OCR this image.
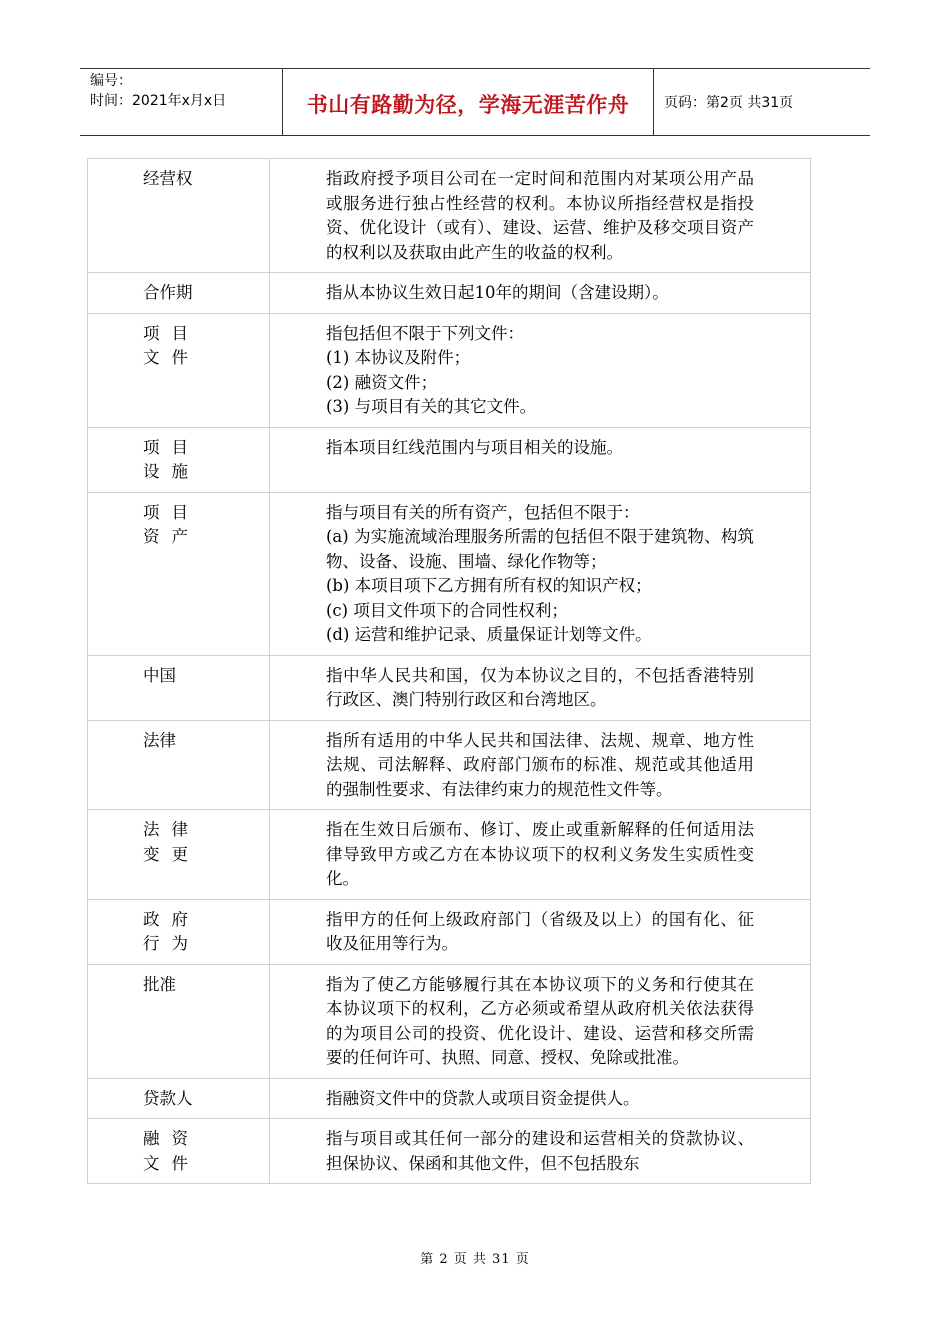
编号：
时间：2021年x月x日	书山有路勤为径，学海无涯苦作舟	页码：第2页 共31页
经营权	指政府授予项目公司在一定时间和范围内对某项公用产品或服务进行独占性经营的权利。本协议所指经营权是指投资、优化设计（或有）、建设、运营、维护及移交项目资产的权利以及获取由此产生的收益的权利。

合作期	指从本协议生效日起10年的期间（含建设期）。

项目文件	指包括但不限于下列文件：

(1) 本协议及附件；

(2) 融资文件；

(3) 与项目有关的其它文件。

项目设施	指本项目红线范围内与项目相关的设施。

项目资产	指与项目有关的所有资产，包括但不限于：

(a) 为实施流域治理服务所需的包括但不限于建筑物、构筑物、设备、设施、围墙、绿化作物等；

(b) 本项目项下乙方拥有所有权的知识产权；

(c) 项目文件项下的合同性权利；

(d) 运营和维护记录、质量保证计划等文件。

中国	指中华人民共和国，仅为本协议之目的，不包括香港特别行政区、澳门特别行政区和台湾地区。

法律	指所有适用的中华人民共和国法律、法规、规章、地方性法规、司法解释、政府部门颁布的标准、规范或其他适用的强制性要求、有法律约束力的规范性文件等。

法律变更	指在生效日后颁布、修订、废止或重新解释的任何适用法律导致甲方或乙方在本协议项下的权利义务发生实质性变化。

政府行为	指甲方的任何上级政府部门（省级及以上）的国有化、征收及征用等行为。

批准	指为了使乙方能够履行其在本协议项下的义务和行使其在本协议项下的权利，乙方必须或希望从政府机关依法获得的为项目公司的投资、优化设计、建设、运营和移交所需要的任何许可、执照、同意、授权、免除或批准。

贷款人	指融资文件中的贷款人或项目资金提供人。

融资文件	指与项目或其任何一部分的建设和运营相关的贷款协议、担保协议、保函和其他文件，但不包括股东

第 2 页 共 31 页
